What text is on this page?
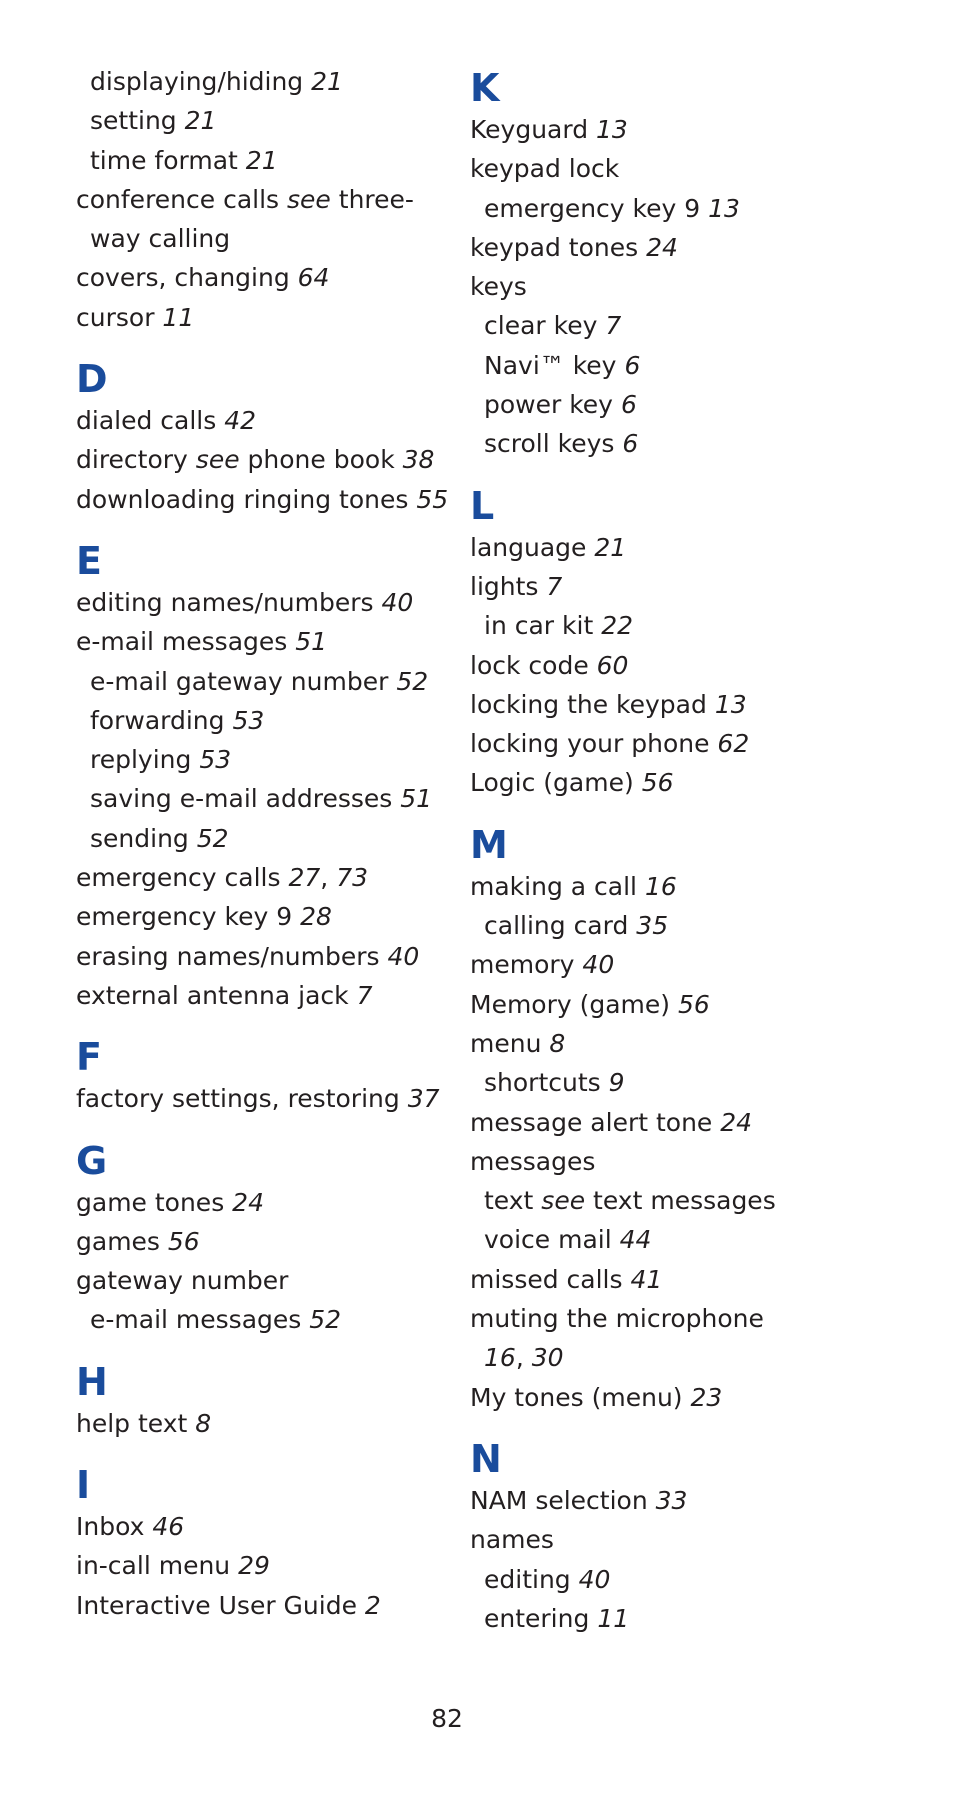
displaying/hiding 21
setting 21
time format 21
conference calls see three-
way calling
covers, changing 64
cursor 11
D
dialed calls 42
directory see phone book 38
downloading ringing tones 55
E
editing names/numbers 40
e-mail messages 51
e-mail gateway number 52
forwarding 53
replying 53
saving e-mail addresses 51
sending 52
emergency calls 27, 73
emergency key 9 28
erasing names/numbers 40
external antenna jack 7
F
factory settings, restoring 37
G
game tones 24
games 56
gateway number
e-mail messages 52
H
help text 8
I
Inbox 46
in-call menu 29
Interactive User Guide 2
K
Keyguard 13
keypad lock
emergency key 9 13
keypad tones 24
keys
clear key 7
Navi™ key 6
power key 6
scroll keys 6
L
language 21
lights 7
in car kit 22
lock code 60
locking the keypad 13
locking your phone 62
Logic (game) 56
M
making a call 16
calling card 35
memory 40
Memory (game) 56
menu 8
shortcuts 9
message alert tone 24
messages
text see text messages
voice mail 44
missed calls 41
muting the microphone
16, 30
My tones (menu) 23
N
NAM selection 33
names
editing 40
entering 11
82
